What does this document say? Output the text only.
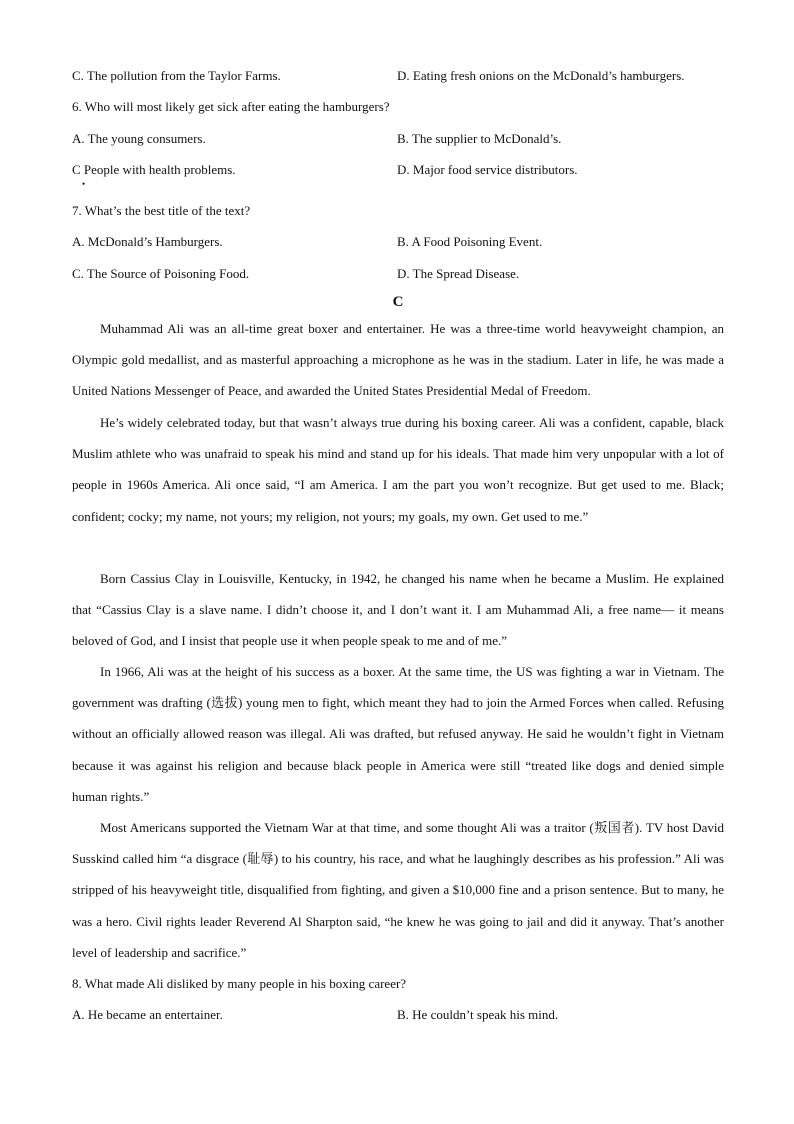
C. The pollution from the Taylor Farms.	D. Eating fresh onions on the McDonald’s hamburgers.
6. Who will most likely get sick after eating the hamburgers?
A. The young consumers.	B. The supplier to McDonald’s.
C People with health problems.	D. Major food service distributors.
•
7. What’s the best title of the text?
A. McDonald’s Hamburgers.	B. A Food Poisoning Event.
C. The Source of Poisoning Food.	D. The Spread Disease.
C

Muhammad Ali was an all-time great boxer and entertainer. He was a three-time world heavyweight champion, an Olympic gold medallist, and as masterful approaching a microphone as he was in the stadium. Later in life, he was made a United Nations Messenger of Peace, and awarded the United States Presidential Medal of Freedom.

He’s widely celebrated today, but that wasn’t always true during his boxing career. Ali was a confident, capable, black Muslim athlete who was unafraid to speak his mind and stand up for his ideals. That made him very unpopular with a lot of people in 1960s America. Ali once said, “I am America. I am the part you won’t recognize. But get used to me. Black; confident; cocky; my name, not yours; my religion, not yours; my goals, my own. Get used to me.”

Born Cassius Clay in Louisville, Kentucky, in 1942, he changed his name when he became a Muslim. He explained that “Cassius Clay is a slave name. I didn’t choose it, and I don’t want it. I am Muhammad Ali, a free name— it means beloved of God, and I insist that people use it when people speak to me and of me.”

In 1966, Ali was at the height of his success as a boxer. At the same time, the US was fighting a war in Vietnam. The government was drafting (选拔) young men to fight, which meant they had to join the Armed Forces when called. Refusing without an officially allowed reason was illegal. Ali was drafted, but refused anyway. He said he wouldn’t fight in Vietnam because it was against his religion and because black people in America were still “treated like dogs and denied simple human rights.”

Most Americans supported the Vietnam War at that time, and some thought Ali was a traitor (叛国者). TV host David Susskind called him “a disgrace (耻辱) to his country, his race, and what he laughingly describes as his profession.” Ali was stripped of his heavyweight title, disqualified from fighting, and given a $10,000 fine and a prison sentence. But to many, he was a hero. Civil rights leader Reverend Al Sharpton said, “he knew he was going to jail and did it anyway. That’s another level of leadership and sacrifice.”

8. What made Ali disliked by many people in his boxing career?
A. He became an entertainer.	B. He couldn’t speak his mind.
